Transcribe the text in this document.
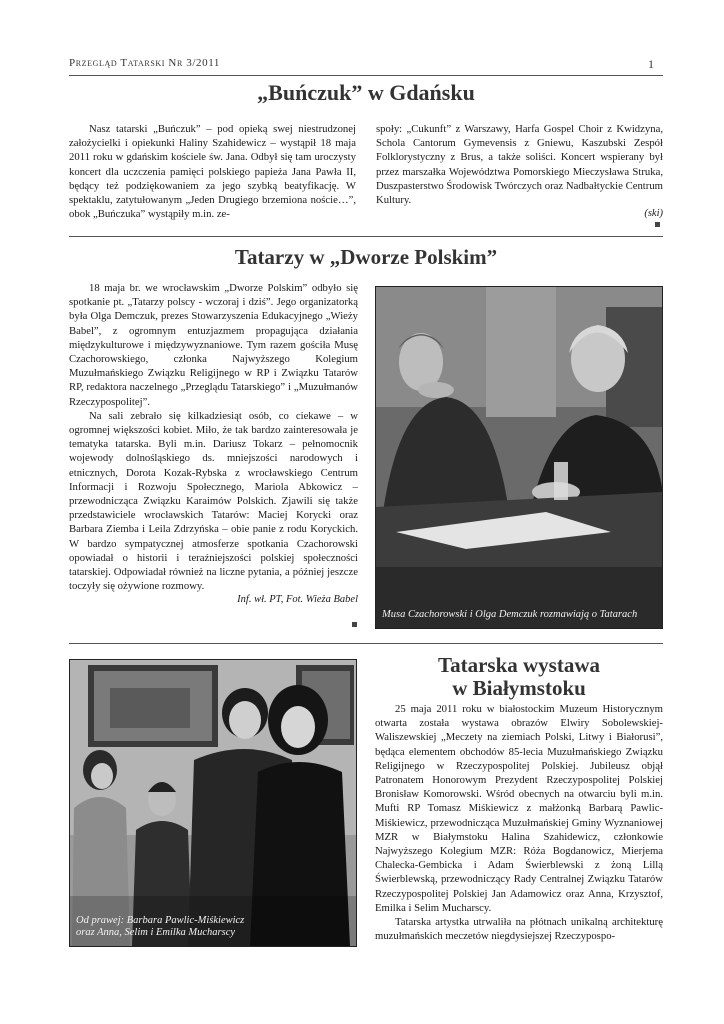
Przegląd Tatarski Nr 3/2011	1
„Buńczuk” w Gdańsku

Nasz tatarski „Buńczuk” – pod opieką swej niestrudzonej założycielki i opiekunki Haliny Szahidewicz – wystąpił 18 maja 2011 roku w gdańskim kościele św. Jana. Odbył się tam uroczysty koncert dla uczczenia pamięci polskiego papieża Jana Pawła II, będący też podziękowaniem za jego szybką beatyfikację. W spektaklu, zatytułowanym „Jeden Drugiego brzemiona noście…”, obok „Buńczuka” wystąpiły m.in. ze-

społy: „Cukunft” z Warszawy, Harfa Gospel Choir z Kwidzyna, Schola Cantorum Gymevensis z Gniewu, Kaszubski Zespół Folklorystyczny z Brus, a także soliści. Koncert wspierany był przez marszałka Województwa Pomorskiego Mieczysława Struka, Duszpasterstwo Środowisk Twórczych oraz Nadbałtyckie Centrum Kultury.

(ski)
Tatarzy w „Dworze Polskim”

18 maja br. we wrocławskim „Dworze Polskim” odbyło się spotkanie pt. „Tatarzy polscy - wczoraj i dziś”. Jego organizatorką była Olga Demczuk, prezes Stowarzyszenia Edukacyjnego „Wieży Babel”, z ogromnym entuzjazmem propagująca działania międzykulturowe i międzywyznaniowe. Tym razem gościła Musę Czachorowskiego, członka Najwyższego Kolegium Muzułmańskiego Związku Religijnego w RP i Związku Tatarów RP, redaktora naczelnego „Przeglądu Tatarskiego” i „Muzułmanów Rzeczypospolitej”.

Na sali zebrało się kilkadziesiąt osób, co ciekawe – w ogromnej większości kobiet. Miło, że tak bardzo zainteresowała je tematyka tatarska. Byli m.in. Dariusz Tokarz – pełnomocnik wojewody dolnośląskiego ds. mniejszości narodowych i etnicznych, Dorota Kozak-Rybska z wrocławskiego Centrum Informacji i Rozwoju Społecznego, Mariola Abkowicz – przewodnicząca Związku Karaimów Polskich. Zjawili się także przedstawiciele wrocławskich Tatarów: Maciej Korycki oraz Barbara Ziemba i Leila Zdrzyńska – obie panie z rodu Koryckich. W bardzo sympatycznej atmosferze spotkania Czachorowski opowiadał o historii i teraźniejszości polskiej społeczności tatarskiej. Odpowiadał również na liczne pytania, a później jeszcze toczyły się ożywione rozmowy.

Inf. wł. PT, Fot. Wieża Babel
Musa Czachorowski i Olga Demczuk rozmawiają o Tatarach
Od prawej: Barbara Pawlic-Miśkiewicz
oraz Anna, Selim i Emilka Mucharscy
Tatarska wystawa
w Białymstoku

25 maja 2011 roku w białostockim Muzeum Historycznym otwarta została wystawa obrazów Elwiry Sobolewskiej-Waliszewskiej „Meczety na ziemiach Polski, Litwy i Białorusi”, będąca elementem obchodów 85-lecia Muzułmańskiego Związku Religijnego w Rzeczypospolitej Polskiej. Jubileusz objął Patronatem Honorowym Prezydent Rzeczypospolitej Polskiej Bronisław Komorowski. Wśród obecnych na otwarciu byli m.in. Mufti RP Tomasz Miśkiewicz z małżonką Barbarą Pawlic-Miśkiewicz, przewodnicząca Muzułmańskiej Gminy Wyznaniowej MZR w Białymstoku Halina Szahidewicz, członkowie Najwyższego Kolegium MZR: Róża Bogdanowicz, Mierjema Chalecka-Gembicka i Adam Świerblewski z żoną Lillą Świerblewską, przewodniczący Rady Centralnej Związku Tatarów Rzeczypospolitej Polskiej Jan Adamowicz oraz Anna, Krzysztof, Emilka i Selim Mucharscy.

Tatarska artystka utrwaliła na płótnach unikalną architekturę muzułmańskich meczetów niegdysiejszej Rzeczypospo-
